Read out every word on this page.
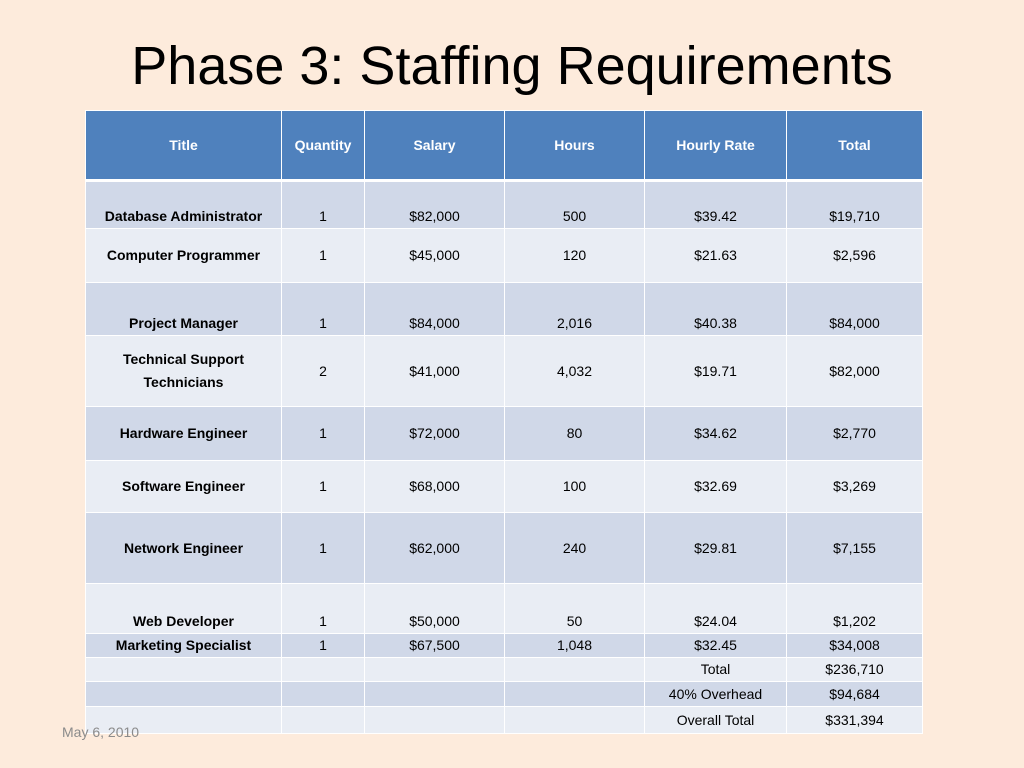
Phase 3: Staffing Requirements
Title	Quantity	Salary	Hours	Hourly Rate	Total
Database Administrator	1	$82,000	500	$39.42	$19,710
Computer Programmer	1	$45,000	120	$21.63	$2,596
Project Manager	1	$84,000	2,016	$40.38	$84,000
Technical Support Technicians	2	$41,000	4,032	$19.71	$82,000
Hardware Engineer	1	$72,000	80	$34.62	$2,770
Software Engineer	1	$68,000	100	$32.69	$3,269
Network Engineer	1	$62,000	240	$29.81	$7,155
Web Developer	1	$50,000	50	$24.04	$1,202
Marketing Specialist	1	$67,500	1,048	$32.45	$34,008
				Total	$236,710
				40% Overhead	$94,684
				Overall Total	$331,394
May 6, 2010
